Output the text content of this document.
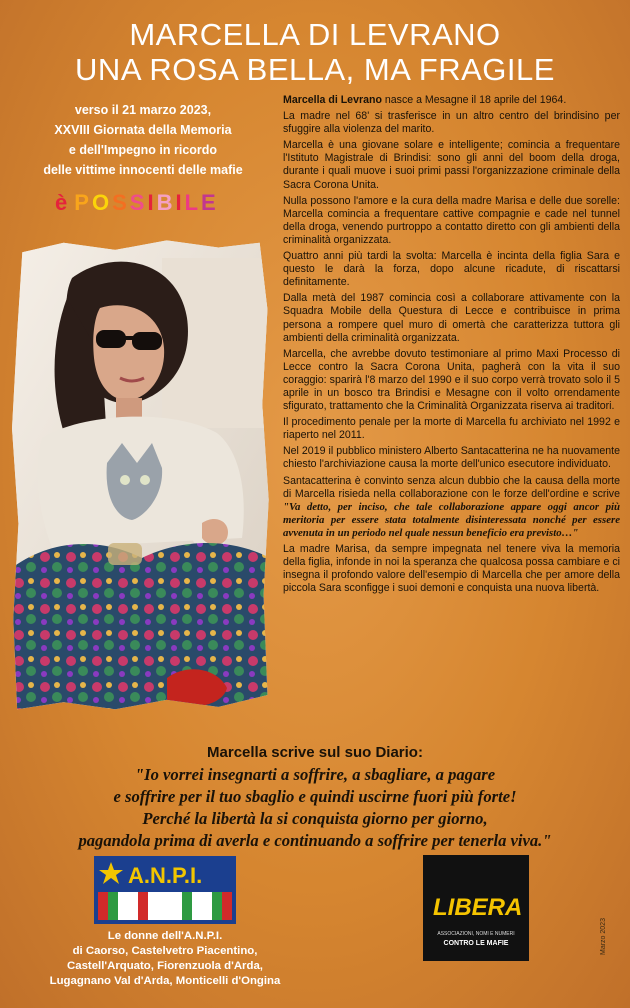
MARCELLA DI LEVRANO
UNA ROSA BELLA, MA FRAGILE
verso il 21 marzo 2023,
XXVIII Giornata della Memoria
e dell'Impegno in ricordo
delle vittime innocenti delle mafie
è POSSIBILE

Marcella di Levrano nasce a Mesagne il 18 aprile del 1964.

La madre nel 68' si trasferisce in un altro centro del brindisino per sfuggire alla violenza del marito.

Marcella è una giovane solare e intelligente; comincia a frequentare l'Istituto Magistrale di Brindisi: sono gli anni del boom della droga, durante i quali muove i suoi primi passi l'organizzazione criminale della Sacra Corona Unita.

Nulla possono l'amore e la cura della madre Marisa e delle due sorelle: Marcella comincia a frequentare cattive compagnie e cade nel tunnel della droga, venendo purtroppo a contatto diretto con gli ambienti della criminalità organizzata.

Quattro anni più tardi la svolta: Marcella è incinta della figlia Sara e questo le darà la forza, dopo alcune ricadute, di riscattarsi definitamente.

Dalla metà del 1987 comincia così a collaborare attivamente con la Squadra Mobile della Questura di Lecce e contribuisce in prima persona a rompere quel muro di omertà che caratterizza tuttora gli ambienti della criminalità organizzata.

Marcella, che avrebbe dovuto testimoniare al primo Maxi Processo di Lecce contro la Sacra Corona Unita, pagherà con la vita il suo coraggio: sparirà l'8 marzo del 1990 e il suo corpo verrà trovato solo il 5 aprile in un bosco tra Brindisi e Mesagne con il volto orrendamente sfigurato, trattamento che la Criminalità Organizzata riserva ai traditori.

Il procedimento penale per la morte di Marcella fu archiviato nel 1992 e riaperto nel 2011.

Nel 2019 il pubblico ministero Alberto Santacatterina ne ha nuovamente chiesto l'archiviazione causa la morte dell'unico esecutore individuato.

Santacatterina è convinto senza alcun dubbio che la causa della morte di Marcella risieda nella collaborazione con le forze dell'ordine e scrive "Va detto, per inciso, che tale collaborazione appare oggi ancor più meritoria per essere stata totalmente disinteressata nonché per essere avvenuta in un periodo nel quale nessun beneficio era previsto…"

La madre Marisa, da sempre impegnata nel tenere viva la memoria della figlia, infonde in noi la speranza che qualcosa possa cambiare e ci insegna il profondo valore dell'esempio di Marcella che per amore della piccola Sara sconfigge i suoi demoni e conquista una nuova libertà.

Marcella scrive sul suo Diario:
"Io vorrei insegnarti a soffrire, a sbagliare, a pagare
e soffrire per il tuo sbaglio e quindi uscirne fuori più forte!
Perché la libertà la si conquista giorno per giorno,
pagandola prima di averla e continuando a soffrire per tenerla viva."
A.N.P.I.
Le donne dell'A.N.P.I.
di Caorso, Castelvetro Piacentino,
Castell'Arquato, Fiorenzuola d'Arda,
Lugagnano Val d'Arda, Monticelli d'Ongina
LIBERA
ASSOCIAZIONI, NOMI E NUMERI
CONTRO LE MAFIE	Marzo 2023
